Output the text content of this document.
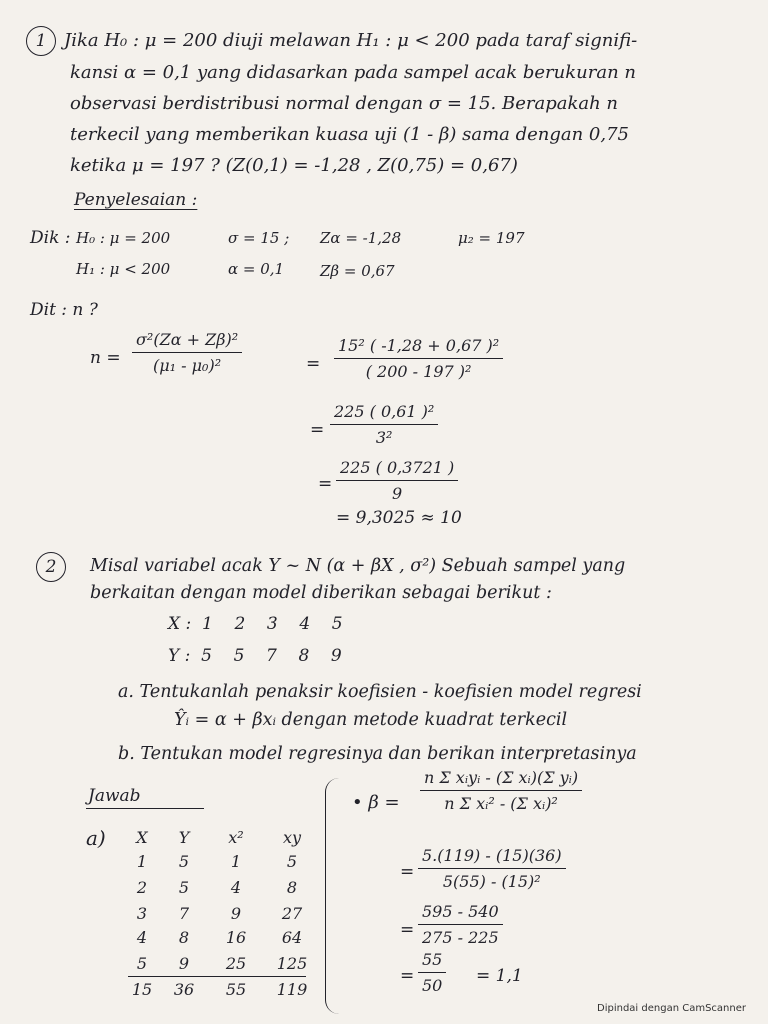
1 Jika H₀ : μ = 200 diuji melawan H₁ : μ < 200 pada taraf signifi-
kansi α = 0,1 yang didasarkan pada sampel acak berukuran n
observasi berdistribusi normal dengan σ = 15. Berapakah n
terkecil yang memberikan kuasa uji (1 - β) sama dengan 0,75
ketika μ = 197 ? (Z(0,1) = -1,28 , Z(0,75) = 0,67)
Penyelesaian :
Dik : H₀ : μ = 200	σ = 15 ; Zα = -1,28	μ₂ = 197
H₁ : μ < 200	α = 0,1 Zβ = 0,67
Dit : n ?
n =
σ²(Zα + Zβ)²
(μ₁ - μ₀)²	=
15² ( -1,28 + 0,67 )²
( 200 - 197 )²
=
225 ( 0,61 )²
3²
=
225 ( 0,3721 )
9
= 9,3025 ≈ 10
2 Misal variabel acak Y ~ N (α + βX , σ²) Sebuah sampel yang
berkaitan dengan model diberikan sebagai berikut :
X :  1    2    3    4    5
Y :  5    5    7    8    9
a. Tentukanlah penaksir koefisien - koefisien model regresi
Ŷᵢ = α + βxᵢ dengan metode kuadrat terkecil
b. Tentukan model regresinya dan berikan interpretasinya
Jawab
a)	X	Y	x²	xy
1	5	1	5
2	5	4	8
3	7	9	27
4	8	16	64
5	9	25	125
15	36	55	119
• β =
n Σ xᵢyᵢ - (Σ xᵢ)(Σ yᵢ)
n Σ xᵢ² - (Σ xᵢ)²
=
5.(119) - (15)(36)
5(55) - (15)²
=
595 - 540
275 - 225
=
55
50 = 1,1
Dipindai dengan CamScanner
